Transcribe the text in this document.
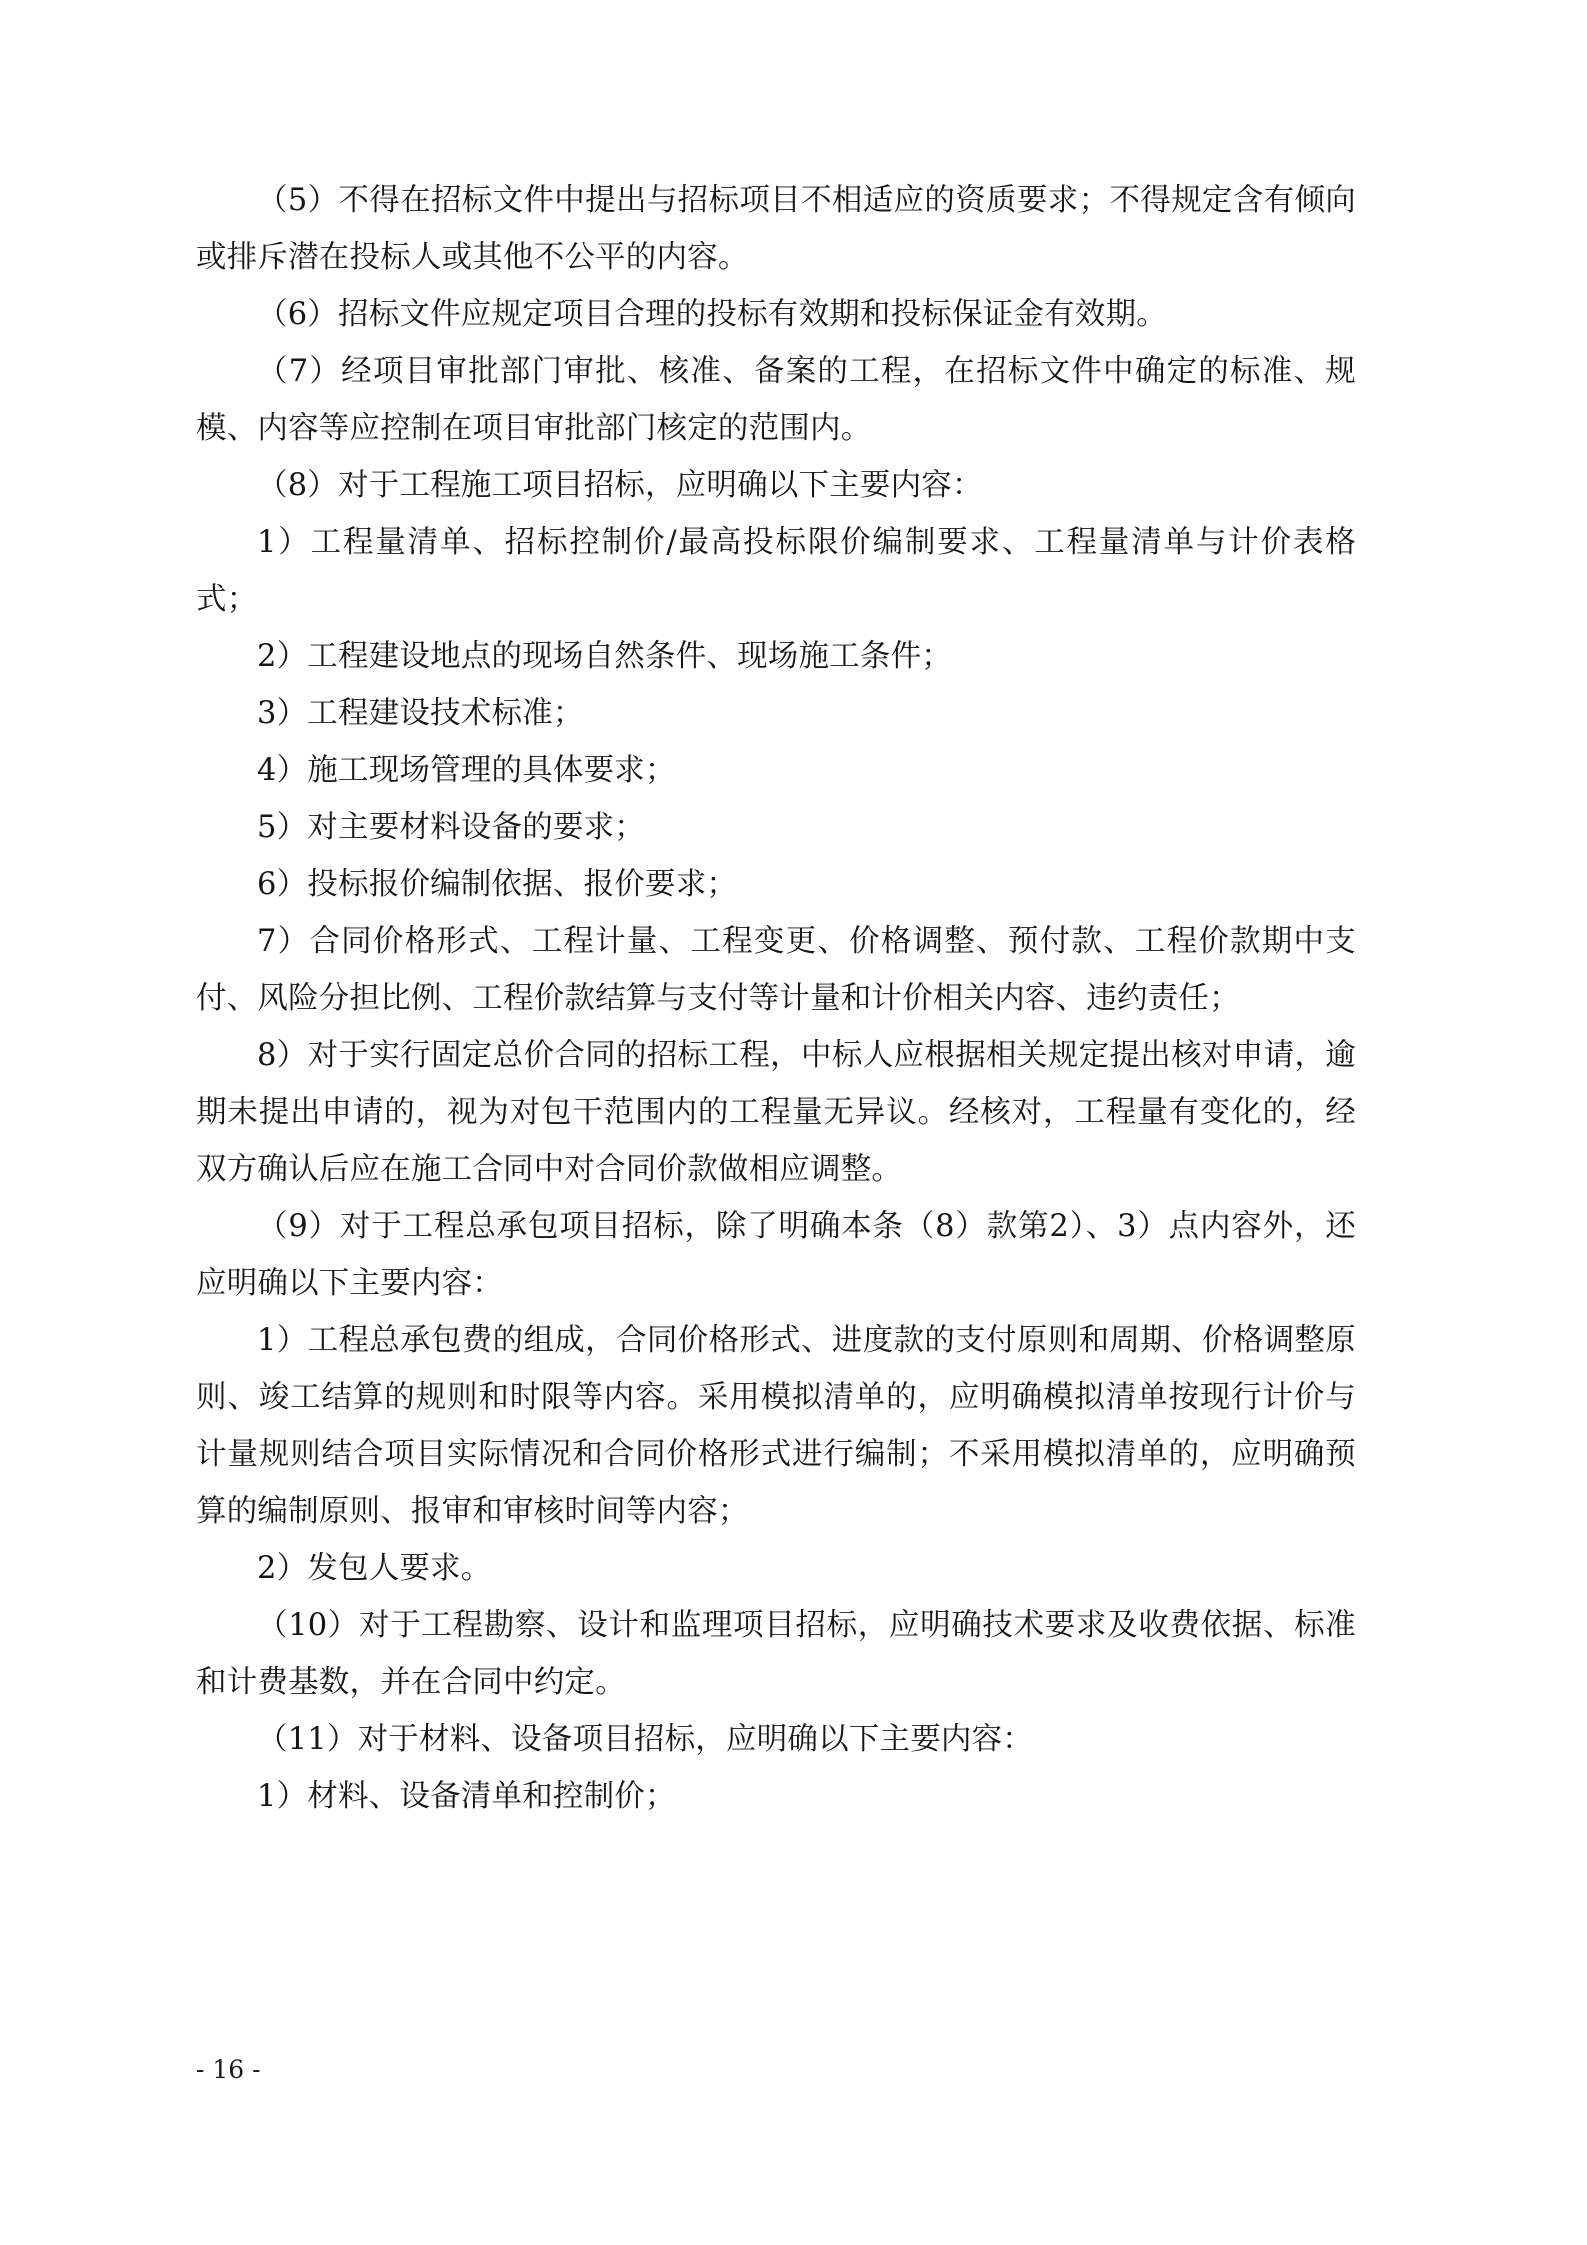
（5）不得在招标文件中提出与招标项目不相适应的资质要求；不得规定含有倾向或排斥潜在投标人或其他不公平的内容。

（6）招标文件应规定项目合理的投标有效期和投标保证金有效期。

（7）经项目审批部门审批、核准、备案的工程，在招标文件中确定的标准、规模、内容等应控制在项目审批部门核定的范围内。

（8）对于工程施工项目招标，应明确以下主要内容：

1）工程量清单、招标控制价/最高投标限价编制要求、工程量清单与计价表格式；

2）工程建设地点的现场自然条件、现场施工条件；

3）工程建设技术标准；

4）施工现场管理的具体要求；

5）对主要材料设备的要求；

6）投标报价编制依据、报价要求；

7）合同价格形式、工程计量、工程变更、价格调整、预付款、工程价款期中支付、风险分担比例、工程价款结算与支付等计量和计价相关内容、违约责任；

8）对于实行固定总价合同的招标工程，中标人应根据相关规定提出核对申请，逾期未提出申请的，视为对包干范围内的工程量无异议。经核对，工程量有变化的，经双方确认后应在施工合同中对合同价款做相应调整。

（9）对于工程总承包项目招标，除了明确本条（8）款第2）、3）点内容外，还应明确以下主要内容：

1）工程总承包费的组成，合同价格形式、进度款的支付原则和周期、价格调整原则、竣工结算的规则和时限等内容。采用模拟清单的，应明确模拟清单按现行计价与计量规则结合项目实际情况和合同价格形式进行编制；不采用模拟清单的，应明确预算的编制原则、报审和审核时间等内容；

2）发包人要求。

（10）对于工程勘察、设计和监理项目招标，应明确技术要求及收费依据、标准和计费基数，并在合同中约定。

（11）对于材料、设备项目招标，应明确以下主要内容：

1）材料、设备清单和控制价；

- 16 -
